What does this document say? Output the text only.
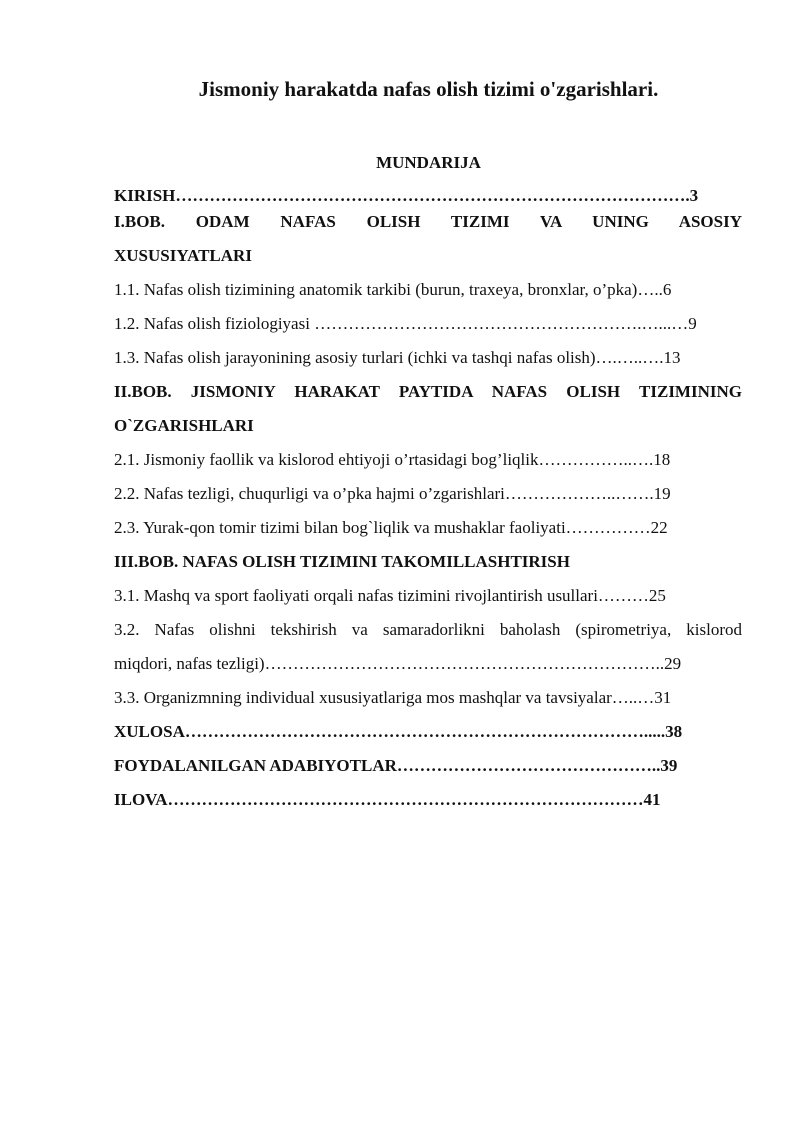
Jismoniy harakatda nafas olish tizimi o'zgarishlari.
MUNDARIJA
KIRISH……………………………………………………………………………….3
I.BOB. ODAM NAFAS OLISH TIZIMI VA UNING ASOSIY
XUSUSIYATLARI
1.1. Nafas olish tizimining anatomik tarkibi (burun, traxeya, bronxlar, o’pka)…..6
1.2. Nafas olish fiziologiyasi ………………………………………………….…...…9
1.3. Nafas olish jarayonining asosiy turlari (ichki va tashqi nafas olish)….…..….13
II.BOB. JISMONIY HARAKAT PAYTIDA NAFAS OLISH TIZIMINING
O`ZGARISHLARI
2.1. Jismoniy faollik va kislorod ehtiyoji o’rtasidagi bog’liqlik……………..….18
2.2. Nafas tezligi, chuqurligi va o’pka hajmi o’zgarishlari………………..…….19
2.3. Yurak-qon tomir tizimi bilan bog`liqlik va mushaklar faoliyati……………22
III.BOB. NAFAS OLISH TIZIMINI TAKOMILLASHTIRISH
3.1. Mashq va sport faoliyati orqali nafas tizimini rivojlantirish usullari………25
3.2. Nafas olishni tekshirish va samaradorlikni baholash (spirometriya, kislorod
miqdori, nafas tezligi)……………………………………………………………..29
3.3. Organizmning individual xususiyatlariga mos mashqlar va tavsiyalar…..…31
XULOSA……………………………………………………………………….....38
FOYDALANILGAN ADABIYOTLAR………………………………………..39
ILOVA…………………………………………………………………………41
